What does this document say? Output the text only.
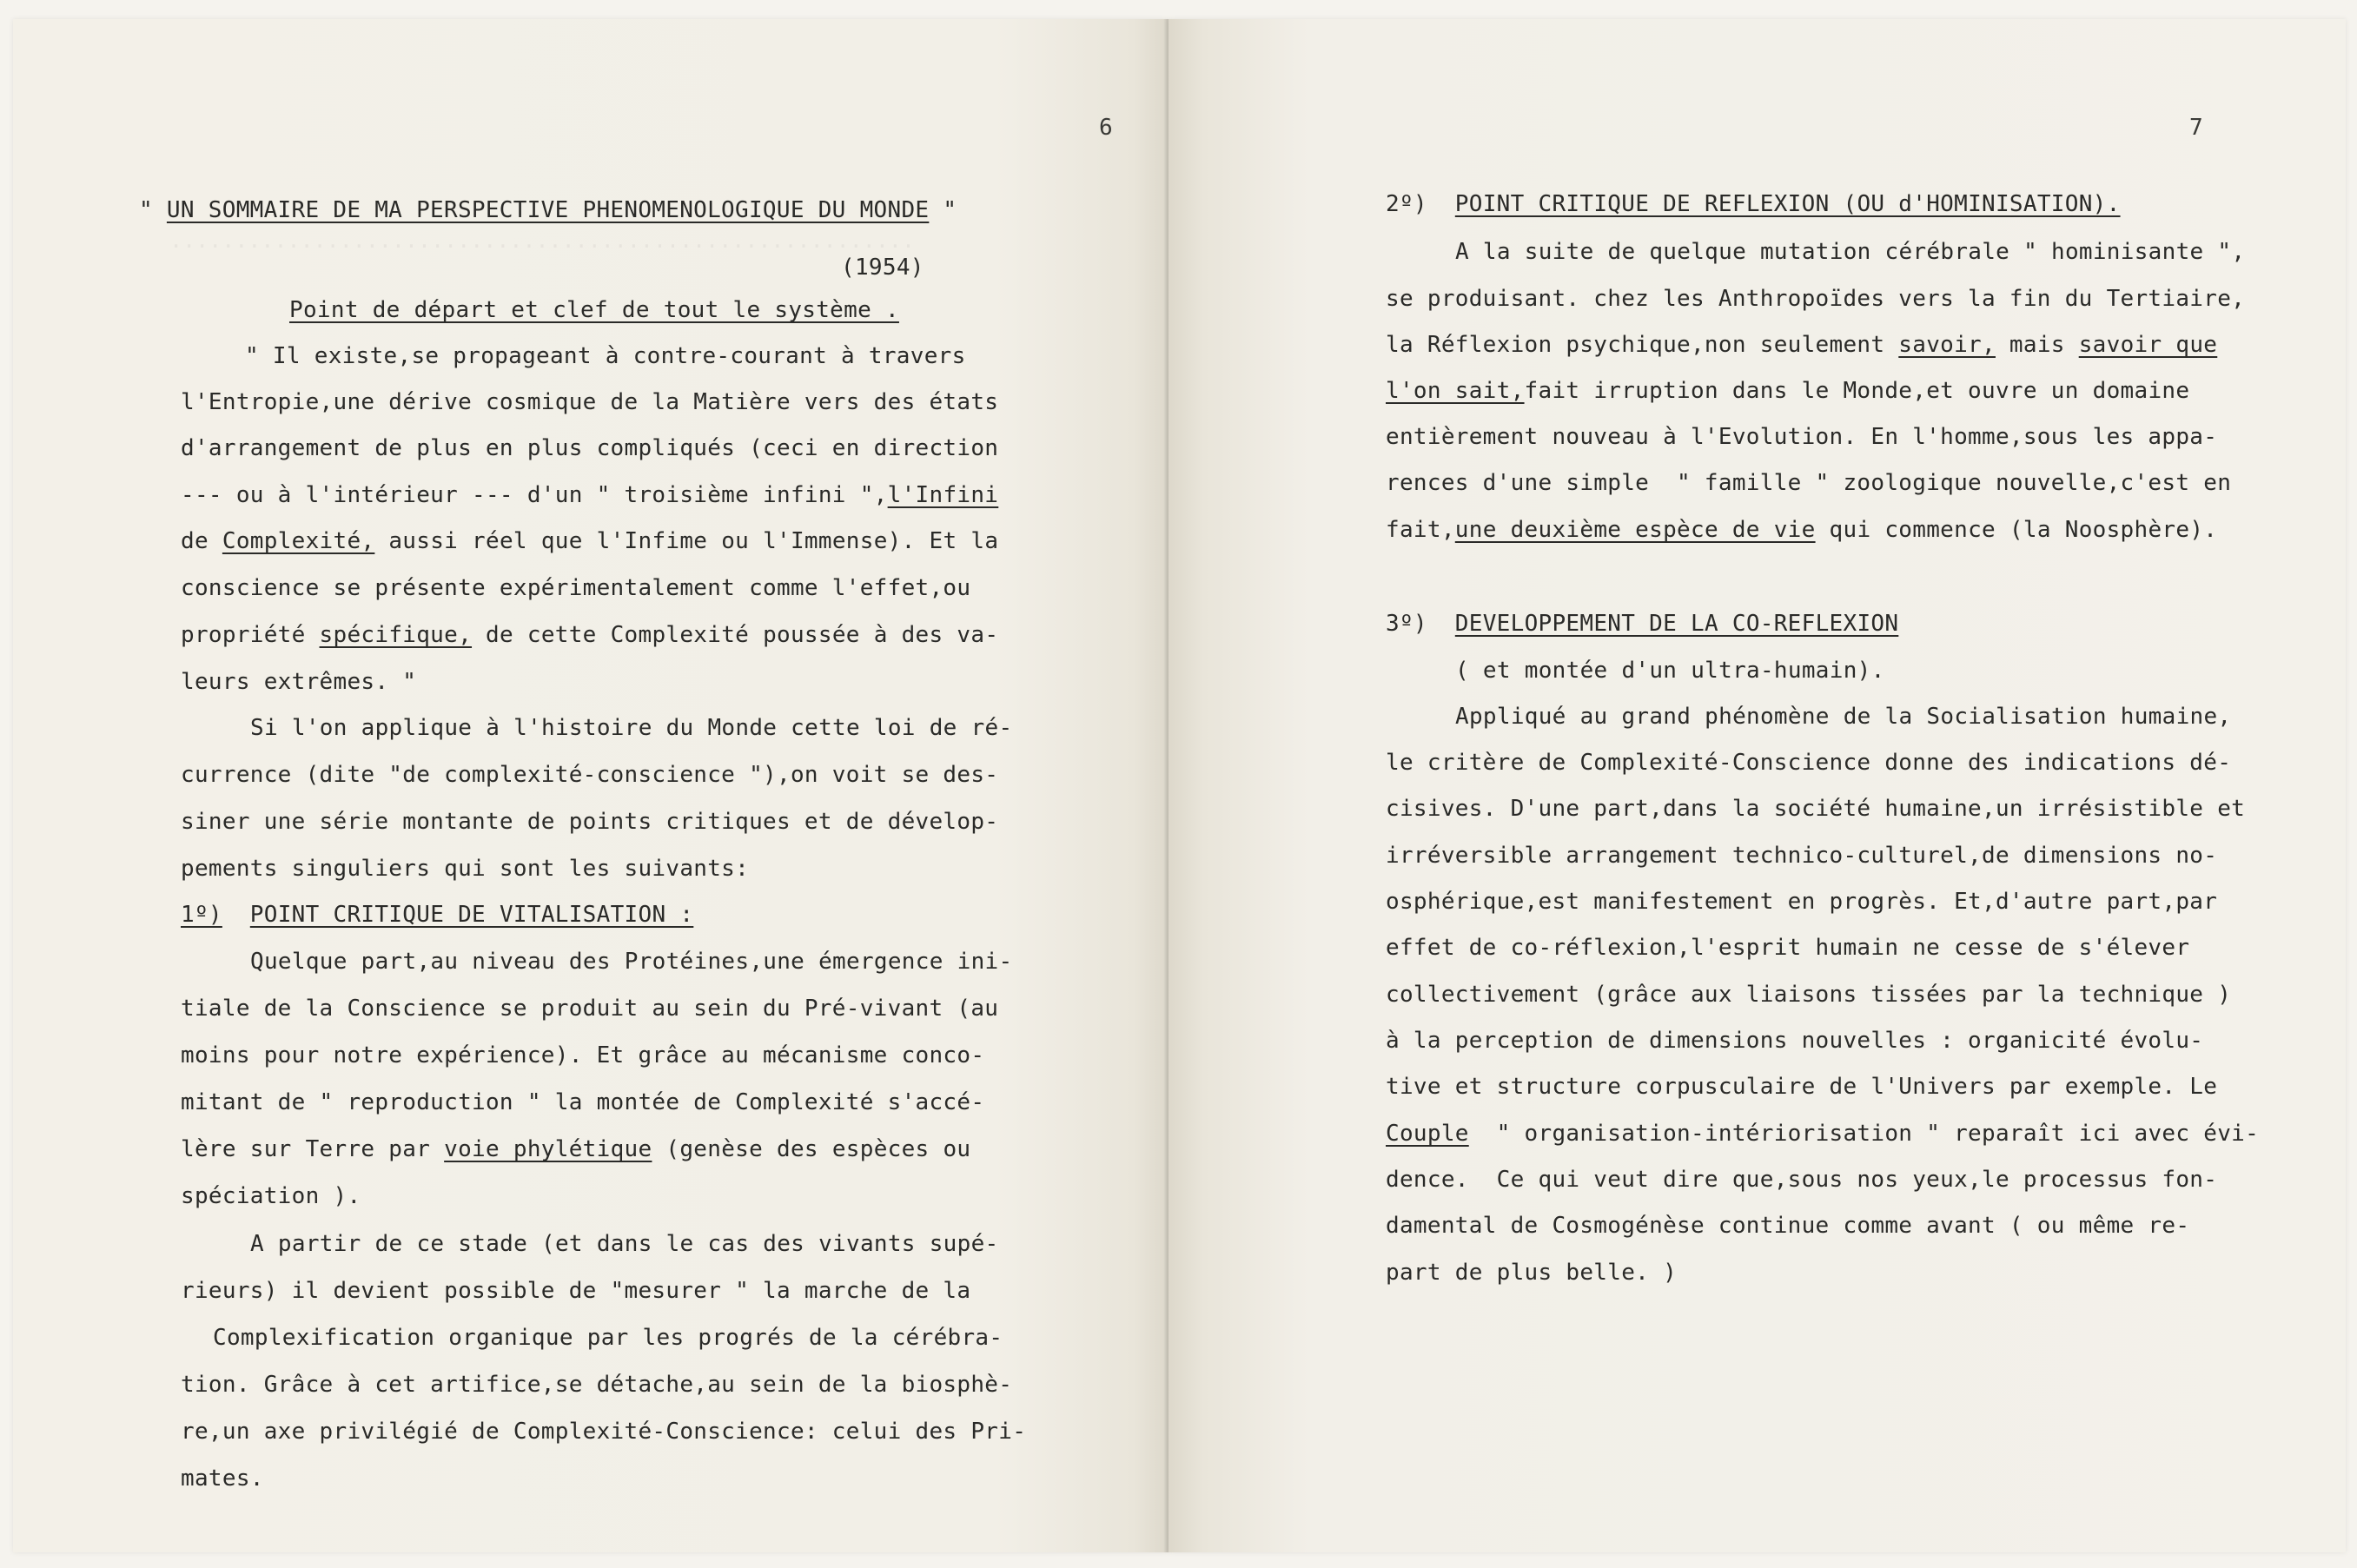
.........................................................
6
" UN SOMMAIRE DE MA PERSPECTIVE PHENOMENOLOGIQUE DU MONDE "
(1954)
Point de départ et clef de tout le système .
" Il existe,se propageant à contre-courant à travers
l'Entropie,une dérive cosmique de la Matière vers des états
d'arrangement de plus en plus compliqués (ceci en direction
--- ou à l'intérieur --- d'un " troisième infini ",l'Infini
de Complexité, aussi réel que l'Infime ou l'Immense). Et la
conscience se présente expérimentalement comme l'effet,ou
propriété spécifique, de cette Complexité poussée à des va-
leurs extrêmes. "
Si l'on applique à l'histoire du Monde cette loi de ré-
currence (dite "de complexité-conscience "),on voit se des-
siner une série montante de points critiques et de dévelop-
pements singuliers qui sont les suivants:
1º) POINT CRITIQUE DE VITALISATION :
Quelque part,au niveau des Protéines,une émergence ini-
tiale de la Conscience se produit au sein du Pré-vivant (au
moins pour notre expérience). Et grâce au mécanisme conco-
mitant de " reproduction " la montée de Complexité s'accé-
lère sur Terre par voie phylétique (genèse des espèces ou
spéciation ).
A partir de ce stade (et dans le cas des vivants supé-
rieurs) il devient possible de "mesurer " la marche de la
Complexification organique par les progrés de la cérébra-
tion. Grâce à cet artifice,se détache,au sein de la biosphè-
re,un axe privilégié de Complexité-Conscience: celui des Pri-
mates.
7
2º) POINT CRITIQUE DE REFLEXION (OU d'HOMINISATION).
A la suite de quelque mutation cérébrale " hominisante ",
se produisant. chez les Anthropoïdes vers la fin du Tertiaire,
la Réflexion psychique,non seulement savoir, mais savoir que
l'on sait,fait irruption dans le Monde,et ouvre un domaine
entièrement nouveau à l'Evolution. En l'homme,sous les appa-
rences d'une simple  " famille " zoologique nouvelle,c'est en
fait,une deuxième espèce de vie qui commence (la Noosphère).
3º) DEVELOPPEMENT DE LA CO-REFLEXION
( et montée d'un ultra-humain).
Appliqué au grand phénomène de la Socialisation humaine,
le critère de Complexité-Conscience donne des indications dé-
cisives. D'une part,dans la société humaine,un irrésistible et
irréversible arrangement technico-culturel,de dimensions no-
osphérique,est manifestement en progrès. Et,d'autre part,par
effet de co-réflexion,l'esprit humain ne cesse de s'élever
collectivement (grâce aux liaisons tissées par la technique )
à la perception de dimensions nouvelles : organicité évolu-
tive et structure corpusculaire de l'Univers par exemple. Le
Couple  " organisation-intériorisation " reparaît ici avec évi-
dence.  Ce qui veut dire que,sous nos yeux,le processus fon-
damental de Cosmogénèse continue comme avant ( ou même re-
part de plus belle. )
